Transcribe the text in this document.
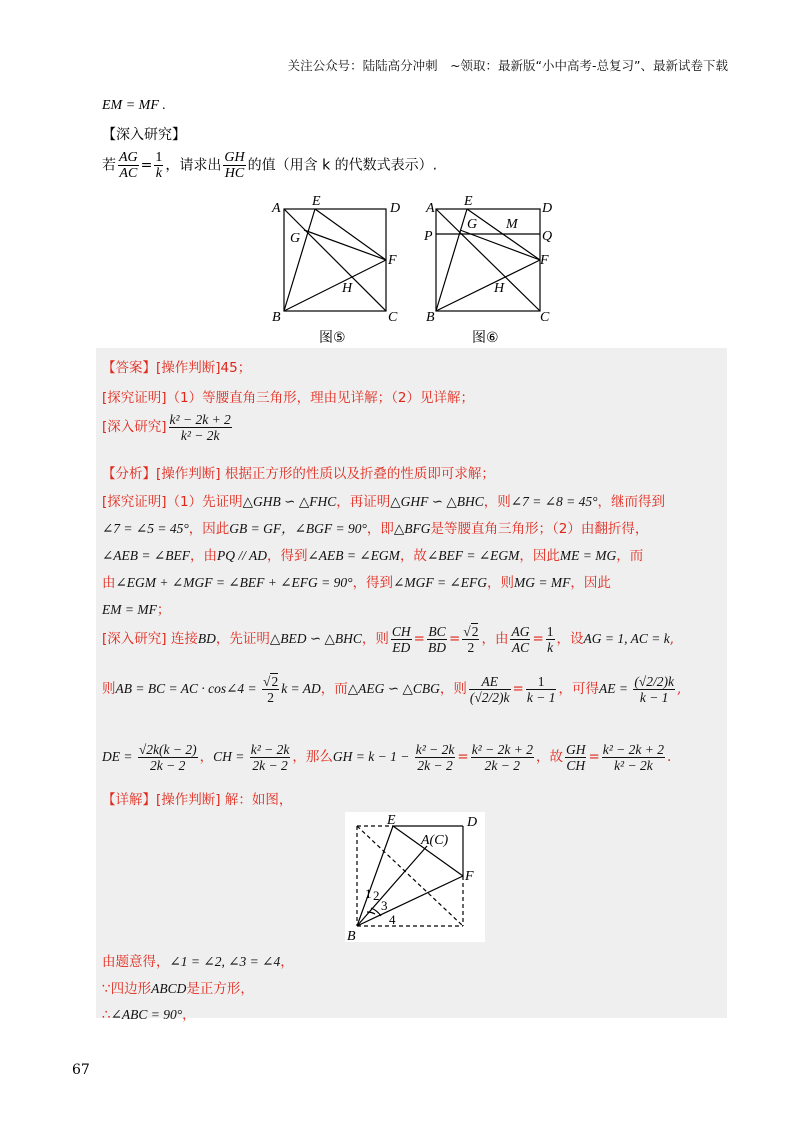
关注公众号：陆陆高分冲刺　~领取：最新版“小中高考-总复习”、最新试卷下载
EM = MF .
【深入研究】
若 $\frac{AG}{AC} = \frac{1}{k}$ ，请求出 $\frac{GH}{HC}$ 的值（用含 k 的代数式表示）.
A E	D
G
F
H
B	C
图⑤
A E	D
P
G M
Q
F
H
B	C
图⑥
【答案】[操作判断]45；
[探究证明]（1）等腰直角三角形，理由见详解；（2）见详解；
[深入研究] $\frac{\text{k² − 2k + 2}}{\text{k² − 2k}}$
【分析】[操作判断] 根据正方形的性质以及折叠的性质即可求解；
[探究证明]（1）先证明△GHB ∽ △FHC，再证明△GHF ∽ △BHC，则∠7 = ∠8 = 45°，继而得到
∠7 = ∠5 = 45°，因此GB = GF，∠BGF = 90°，即△BFG是等腰直角三角形；（2）由翻折得，
∠AEB = ∠BEF，由PQ // AD，得到∠AEB = ∠EGM，故∠BEF = ∠EGM，因此ME = MG，而
由∠EGM + ∠MGF = ∠BEF + ∠EFG = 90°，得到∠MGF = ∠EFG，则MG = MF，因此
EM = MF；
[深入研究] 连接BD，先证明△BED ∽ △BHC，则 $\frac{CH}{ED} = \frac{BC}{BD} = \frac{√2}{2}$ ，由 $\frac{AG}{AC} = \frac{1}{k}$ ，设AG = 1, AC = k,
则AB = BC = AC · cos∠4 = $\frac{√2}{2}$ k = AD，而△AEG ∽ △CBG，则 $\frac{AE}{(√2/2)k} = \frac{1}{k - 1}$ ，可得AE = $\frac{(√2/2)k}{k - 1}$ ,
DE = $\frac{√2k(k - 2)}{2k - 2}$ ，CH = $\frac{\text{k² − 2k}}{2k - 2}$ ，那么GH = $k - 1 - \frac{\text{k² − 2k}}{2k - 2} = \frac{\text{k² − 2k + 2}}{2k - 2}$ ，故 $\frac{GH}{CH} = \frac{\text{k² − 2k + 2}}{\text{k² − 2k}}$ .
【详解】[操作判断] 解：如图，
E
A(C)
D
F
B
1 2
3
4
由题意得，∠1 = ∠2, ∠3 = ∠4，
∵四边形ABCD是正方形，
∴∠ABC = 90°，
67
